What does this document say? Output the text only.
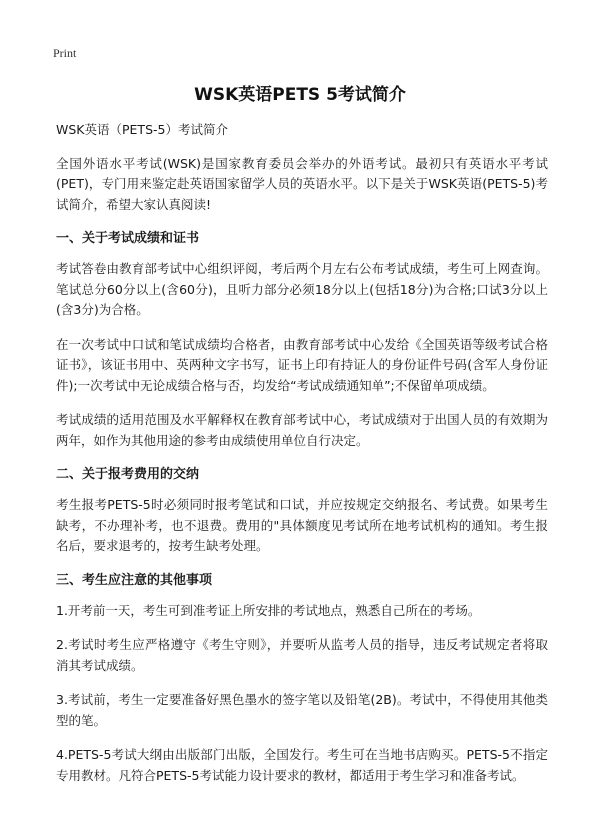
Print
WSK英语PETS 5考试简介

WSK英语（PETS-5）考试简介

全国外语水平考试(WSK)是国家教育委员会举办的外语考试。最初只有英语水平考试(PET)，专门用来鉴定赴英语国家留学人员的英语水平。以下是关于WSK英语(PETS-5)考试简介，希望大家认真阅读!

一、关于考试成绩和证书

考试答卷由教育部考试中心组织评阅，考后两个月左右公布考试成绩，考生可上网查询。笔试总分60分以上(含60分)，且听力部分必须18分以上(包括18分)为合格;口试3分以上(含3分)为合格。

在一次考试中口试和笔试成绩均合格者，由教育部考试中心发给《全国英语等级考试合格证书》，该证书用中、英两种文字书写，证书上印有持证人的身份证件号码(含军人身份证件);一次考试中无论成绩合格与否，均发给“考试成绩通知单”;不保留单项成绩。

考试成绩的适用范围及水平解释权在教育部考试中心，考试成绩对于出国人员的有效期为两年，如作为其他用途的参考由成绩使用单位自行决定。

二、关于报考费用的交纳

考生报考PETS-5时必须同时报考笔试和口试，并应按规定交纳报名、考试费。如果考生缺考，不办理补考，也不退费。费用的"具体额度见考试所在地考试机构的通知。考生报名后，要求退考的，按考生缺考处理。

三、考生应注意的其他事项

1.开考前一天，考生可到准考证上所安排的考试地点，熟悉自己所在的考场。

2.考试时考生应严格遵守《考生守则》，并要听从监考人员的指导，违反考试规定者将取消其考试成绩。

3.考试前，考生一定要准备好黑色墨水的签字笔以及铅笔(2B)。考试中，不得使用其他类型的笔。

4.PETS-5考试大纲由出版部门出版，全国发行。考生可在当地书店购买。PETS-5不指定专用教材。凡符合PETS-5考试能力设计要求的教材，都适用于考生学习和准备考试。
